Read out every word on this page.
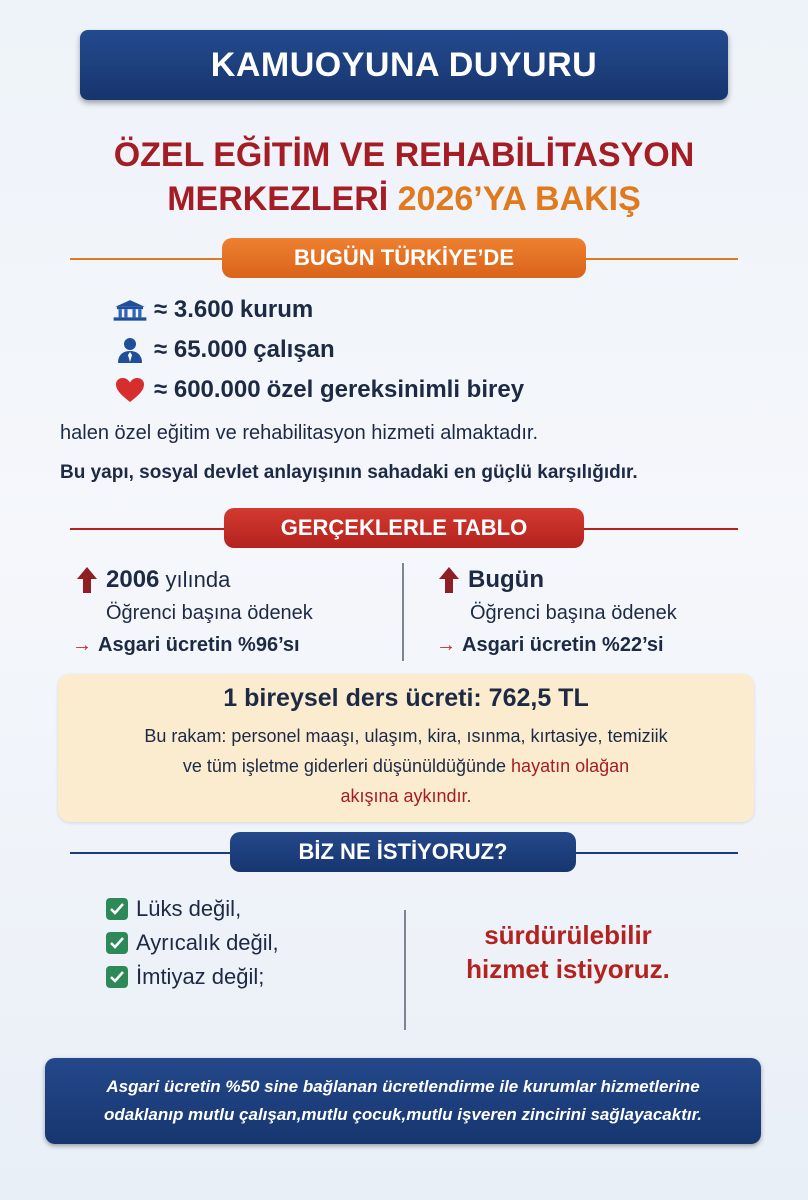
KAMUOYUNA DUYURU
ÖZEL EĞİTİM VE REHABİLİTASYON
MERKEZLERİ 2026’YA BAKIŞ
BUGÜN TÜRKİYE’DE
≈ 3.600 kurum
≈ 65.000 çalışan
≈ 600.000 özel gereksinimli birey
halen özel eğitim ve rehabilitasyon hizmeti almaktadır.
Bu yapı, sosyal devlet anlayışının sahadaki en güçlü karşılığıdır.
GERÇEKLERLE TABLO
2006 yılında
Öğrenci başına ödenek
→ Asgari ücretin %96’sı
Bugün
Öğrenci başına ödenek
→ Asgari ücretin %22’si
1 bireysel ders ücreti: 762,5 TL
Bu rakam: personel maaşı, ulaşım, kira, ısınma, kırtasiye, temiziik
ve tüm işletme giderleri düşünüldüğünde hayatın olağan
akışına aykındır.
BİZ NE İSTİYORUZ?
Lüks değil,
Ayrıcalık değil,
İmtiyaz değil;
sürdürülebilir
hizmet istiyoruz.
Asgari ücretin %50 sine bağlanan ücretlendirme ile kurumlar hizmetlerine
odaklanıp mutlu çalışan,mutlu çocuk,mutlu işveren zincirini sağlayacaktır.
